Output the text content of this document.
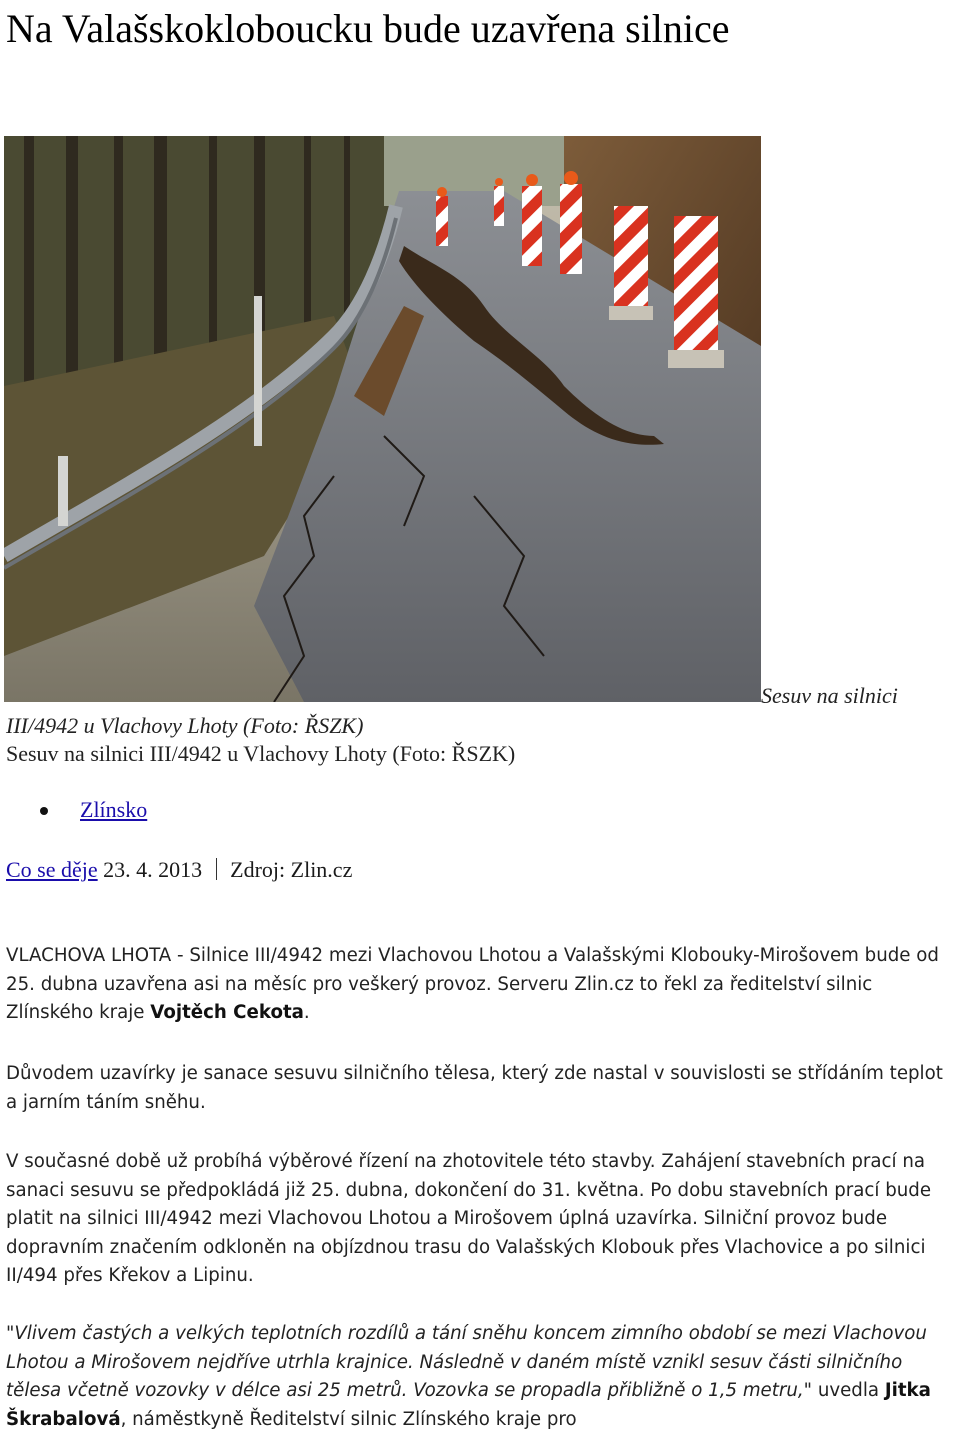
Na Valašskokloboucku bude uzavřena silnice
Sesuv na silnici
III/4942 u Vlachovy Lhoty (Foto: ŘSZK)
Sesuv na silnici III/4942 u Vlachovy Lhoty (Foto: ŘSZK)
Zlínsko
Co se děje 23. 4. 2013 Zdroj: Zlin.cz

VLACHOVA LHOTA - Silnice III/4942 mezi Vlachovou Lhotou a Valašskými Klobouky-Mirošovem bude od 25. dubna uzavřena asi na měsíc pro veškerý provoz. Serveru Zlin.cz to řekl za ředitelství silnic Zlínského kraje Vojtěch Cekota.

Důvodem uzavírky je sanace sesuvu silničního tělesa, který zde nastal v souvislosti se střídáním teplot a jarním táním sněhu.

V současné době už probíhá výběrové řízení na zhotovitele této stavby. Zahájení stavebních prací na sanaci sesuvu se předpokládá již 25. dubna, dokončení do 31. května. Po dobu stavebních prací bude platit na silnici III/4942 mezi Vlachovou Lhotou a Mirošovem úplná uzavírka. Silniční provoz bude dopravním značením odkloněn na objízdnou trasu do Valašských Klobouk přes Vlachovice a po silnici II/494 přes Křekov a Lipinu.

"Vlivem častých a velkých teplotních rozdílů a tání sněhu koncem zimního období se mezi Vlachovou Lhotou a Mirošovem nejdříve utrhla krajnice. Následně v daném místě vznikl sesuv části silničního tělesa včetně vozovky v délce asi 25 metrů. Vozovka se propadla přibližně o 1,5 metru," uvedla Jitka Škrabalová, náměstkyně Ředitelství silnic Zlínského kraje pro
